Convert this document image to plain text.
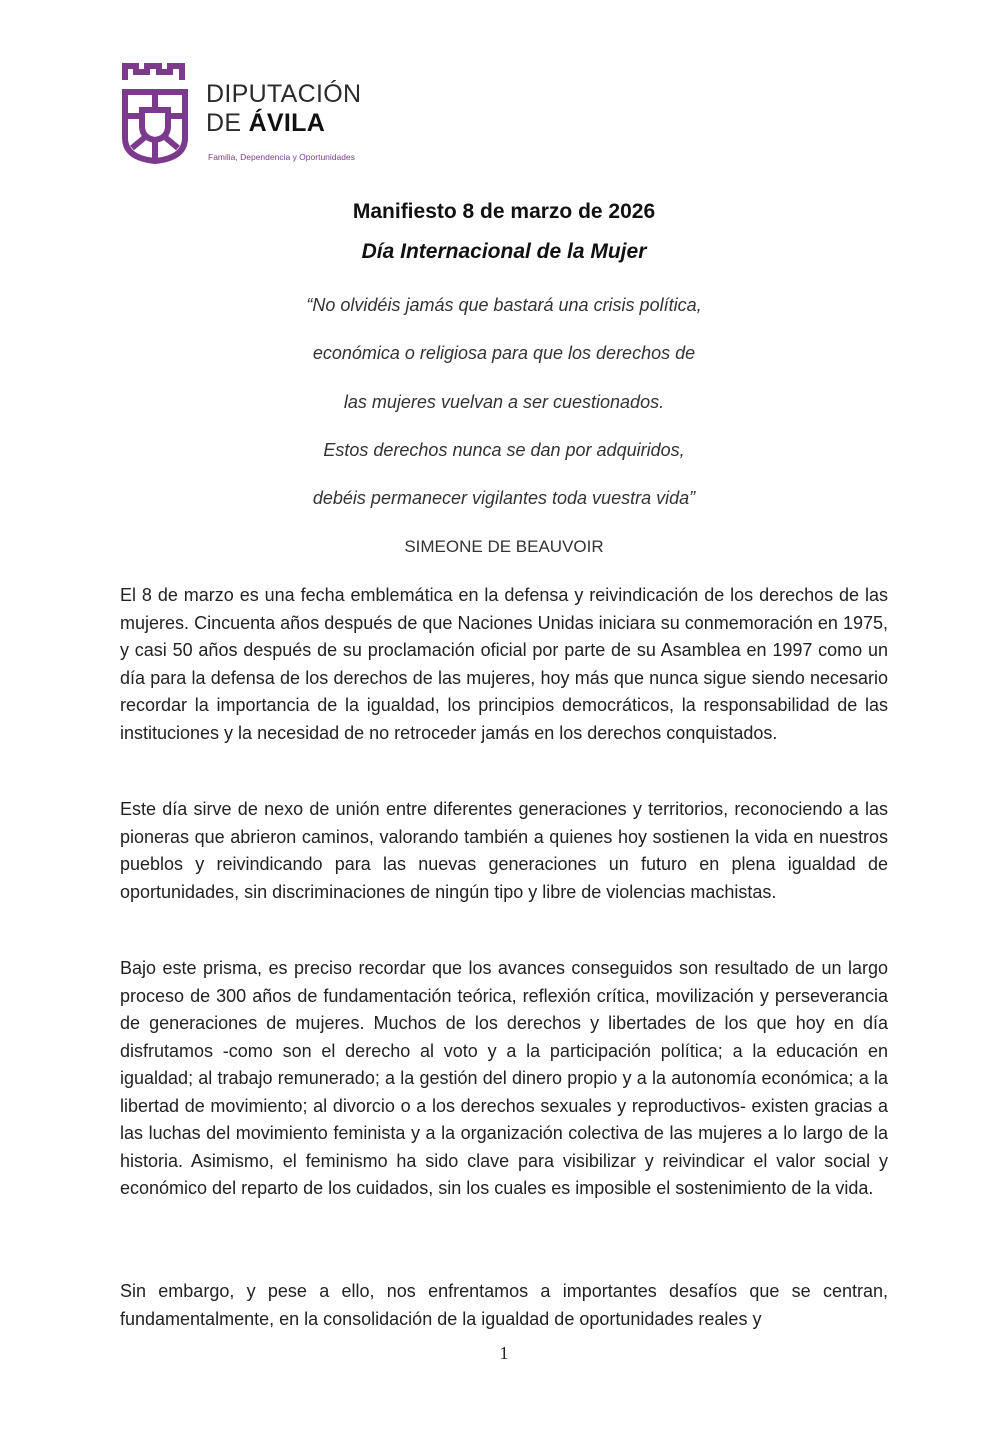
DIPUTACIÓN
DE ÁVILA
Familia, Dependencia y Oportunidades
Manifiesto 8 de marzo de 2026
Día Internacional de la Mujer
“No olvidéis jamás que bastará una crisis política,
económica o religiosa para que los derechos de
las mujeres vuelvan a ser cuestionados.
Estos derechos nunca se dan por adquiridos,
debéis permanecer vigilantes toda vuestra vida”
SIMEONE DE BEAUVOIR

El 8 de marzo es una fecha emblemática en la defensa y reivindicación de los derechos de las mujeres. Cincuenta años después de que Naciones Unidas iniciara su conmemoración en 1975, y casi 50 años después de su proclamación oficial por parte de su Asamblea en 1997 como un día para la defensa de los derechos de las mujeres, hoy más que nunca sigue siendo necesario recordar la importancia de la igualdad, los principios democráticos, la responsabilidad de las instituciones y la necesidad de no retroceder jamás en los derechos conquistados.

Este día sirve de nexo de unión entre diferentes generaciones y territorios, reconociendo a las pioneras que abrieron caminos, valorando también a quienes hoy sostienen la vida en nuestros pueblos y reivindicando para las nuevas generaciones un futuro en plena igualdad de oportunidades, sin discriminaciones de ningún tipo y libre de violencias machistas.

Bajo este prisma, es preciso recordar que los avances conseguidos son resultado de un largo proceso de 300 años de fundamentación teórica, reflexión crítica, movilización y perseverancia de generaciones de mujeres. Muchos de los derechos y libertades de los que hoy en día disfrutamos -como son el derecho al voto y a la participación política; a la educación en igualdad; al trabajo remunerado; a la gestión del dinero propio y a la autonomía económica; a la libertad de movimiento; al divorcio o a los derechos sexuales y reproductivos- existen gracias a las luchas del movimiento feminista y a la organización colectiva de las mujeres a lo largo de la historia. Asimismo, el feminismo ha sido clave para visibilizar y reivindicar el valor social y económico del reparto de los cuidados, sin los cuales es imposible el sostenimiento de la vida.

Sin embargo, y pese a ello, nos enfrentamos a importantes desafíos que se centran, fundamentalmente, en la consolidación de la igualdad de oportunidades reales y

1
